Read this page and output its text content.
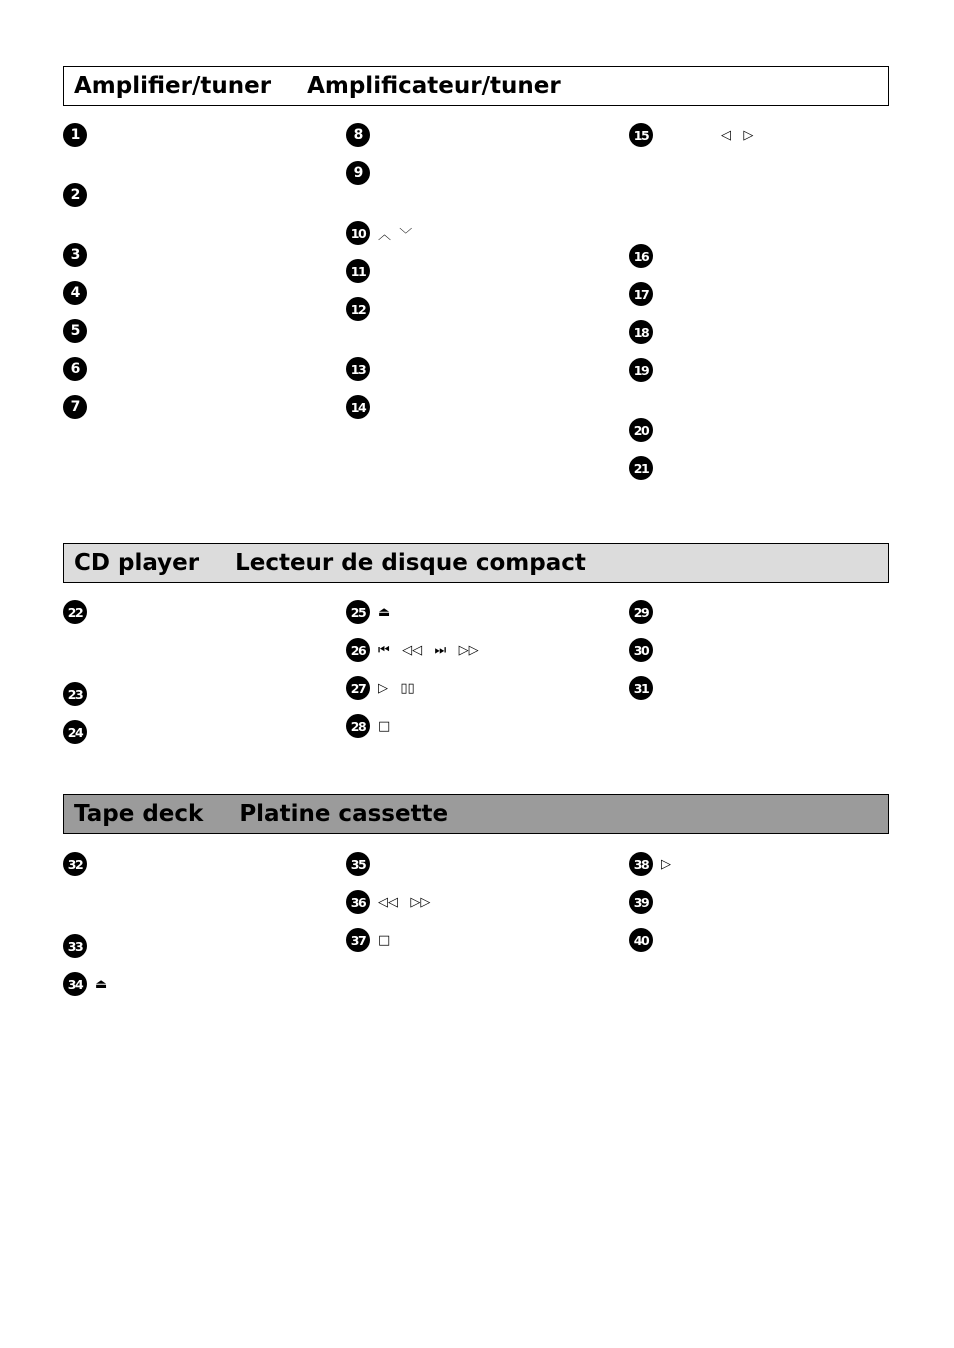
Amplifier/tuner Amplificateur/tuner
CD player Lecteur de disque compact
Tape deck Platine cassette
1
2
3
4
5
6
7
8
9
10 ︿  ﹀
11
12
13
14
15	◁   ▷
16
17
18
19
20
21
22
23
24
25 ⏏
26 ⏮   ◁◁   ⏭   ▷▷
27 ▷   ▯▯
28 □
29
30
31
32
33
34 ⏏
35
36 ◁◁   ▷▷
37 □
38 ▷
39
40
